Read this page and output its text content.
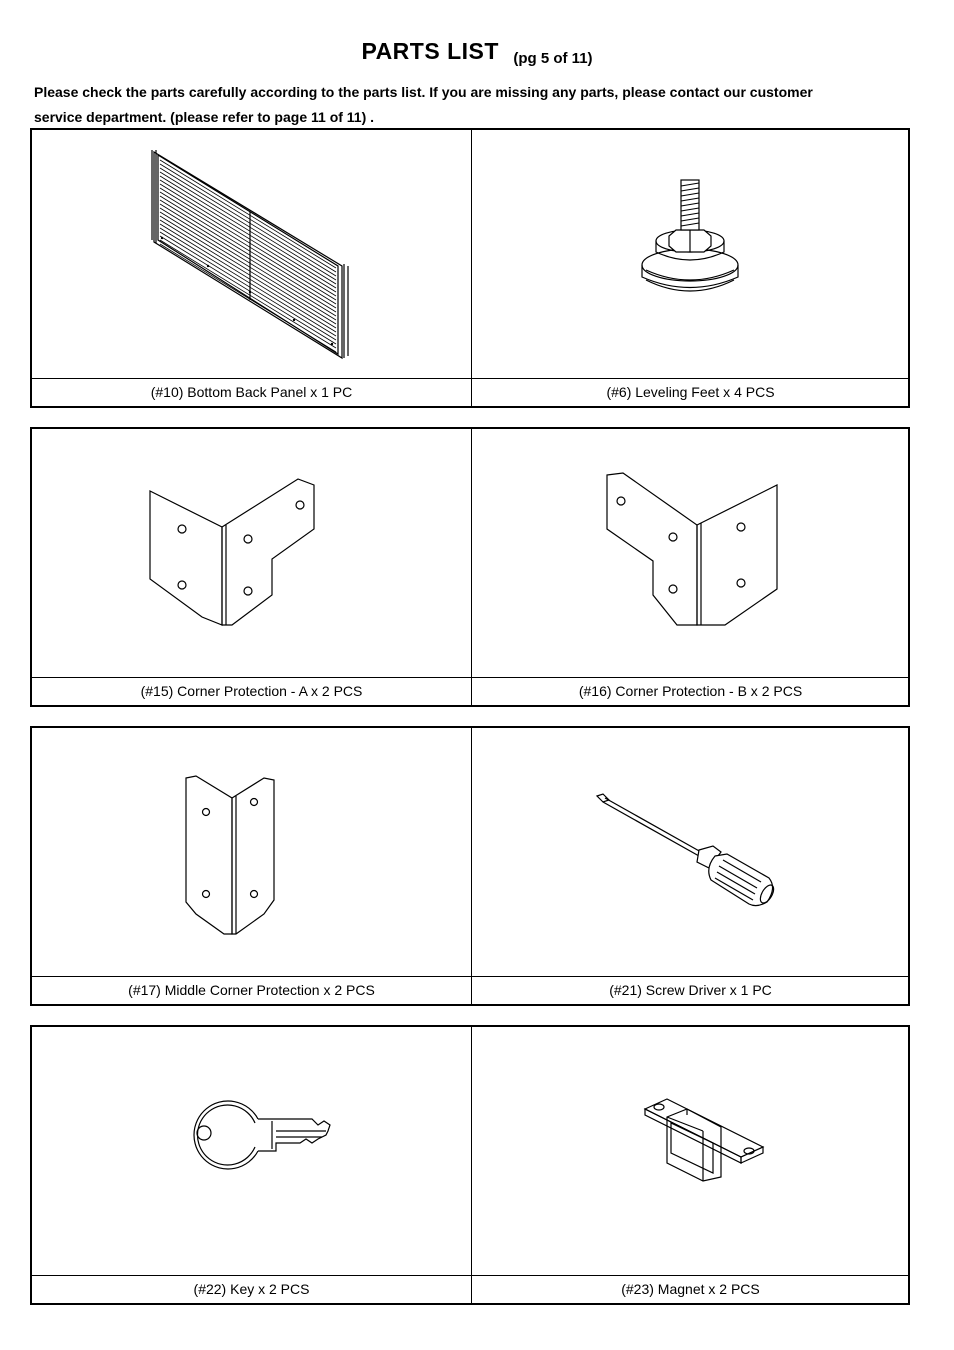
PARTS LIST (pg 5 of 11)
Please check the parts carefully according to the parts list. If you are missing any parts, please contact our customer
service department. (please refer to page 11 of 11) .
(#10) Bottom Back Panel x 1 PC	(#6) Leveling Feet x 4 PCS
(#15) Corner Protection - A x 2 PCS	(#16) Corner Protection - B x 2 PCS
(#17) Middle Corner Protection x 2 PCS	(#21) Screw Driver x 1 PC
(#22) Key x 2 PCS	(#23) Magnet x 2 PCS
